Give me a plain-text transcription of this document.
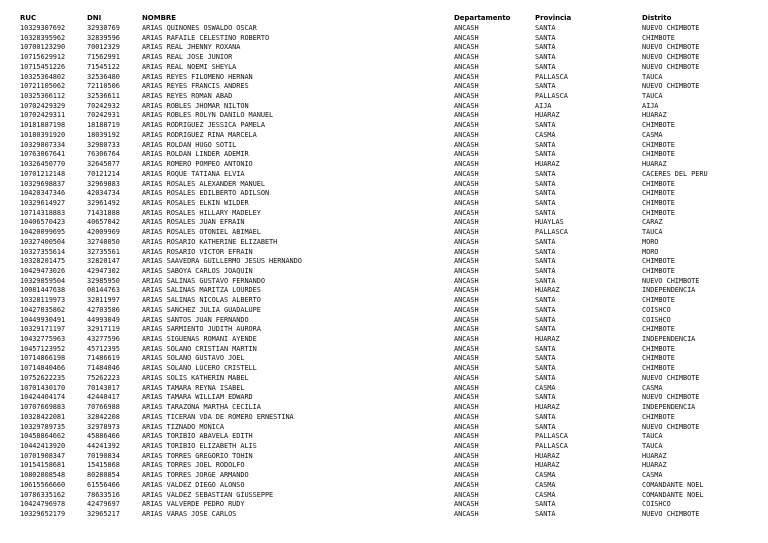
RUC	DNI	NOMBRE	Departamento	Provincia	Distrito
10329307692	32930769	ARIAS QUIÑONES OSWALDO OSCAR	ANCASH	SANTA	NUEVO CHIMBOTE
10328395962	32839596	ARIAS RAFAILE CELESTINO ROBERTO	ANCASH	SANTA	CHIMBOTE
10700123290	70012329	ARIAS REAL JHENNY ROXANA	ANCASH	SANTA	NUEVO CHIMBOTE
10715629912	71562991	ARIAS REAL JOSE JUNIOR	ANCASH	SANTA	NUEVO CHIMBOTE
10715451226	71545122	ARIAS REAL NOEMI SHEYLA	ANCASH	SANTA	NUEVO CHIMBOTE
10325364802	32536480	ARIAS REYES FILOMENO HERNAN	ANCASH	PALLASCA	TAUCA
10721105062	72110506	ARIAS REYES FRANCIS ANDRES	ANCASH	SANTA	NUEVO CHIMBOTE
10325366112	32536611	ARIAS REYES ROMAN ABAD	ANCASH	PALLASCA	TAUCA
10702429329	70242932	ARIAS ROBLES JHOMAR NILTON	ANCASH	AIJA	AIJA
10702429311	70242931	ARIAS ROBLES ROLYN DANILO MANUEL	ANCASH	HUARAZ	HUARAZ
10181887198	18188719	ARIAS RODRIGUEZ JESSICA PAMELA	ANCASH	SANTA	CHIMBOTE
10180391920	18039192	ARIAS RODRIGUEZ RINA MARCELA	ANCASH	CASMA	CASMA
10329807334	32980733	ARIAS ROLDAN HUGO SOTIL	ANCASH	SANTA	CHIMBOTE
10763067641	76306764	ARIAS ROLDAN LINDER ADEMIR	ANCASH	SANTA	CHIMBOTE
10326450770	32645077	ARIAS ROMERO POMPEO ANTONIO	ANCASH	HUARAZ	HUARAZ
10701212148	70121214	ARIAS ROQUE TATIANA ELVIA	ANCASH	SANTA	CACERES DEL PERU
10329698837	32969883	ARIAS ROSALES ALEXANDER MANUEL	ANCASH	SANTA	CHIMBOTE
10420347346	42034734	ARIAS ROSALES EDILBERTO ADILSON	ANCASH	SANTA	CHIMBOTE
10329614927	32961492	ARIAS ROSALES ELKIN WILDER	ANCASH	SANTA	CHIMBOTE
10714318883	71431888	ARIAS ROSALES HILLARY MADELEY	ANCASH	SANTA	CHIMBOTE
10406570423	40657042	ARIAS ROSALES JUAN EFRAIN	ANCASH	HUAYLAS	CARAZ
10420099695	42009969	ARIAS ROSALES OTONIEL ABIMAEL	ANCASH	PALLASCA	TAUCA
10327400504	32740050	ARIAS ROSARIO KATHERINE ELIZABETH	ANCASH	SANTA	MORO
10327355614	32735561	ARIAS ROSARIO VICTOR EFRAIN	ANCASH	SANTA	MORO
10328201475	32820147	ARIAS SAAVEDRA GUILLERMO JESUS HERNANDO	ANCASH	SANTA	CHIMBOTE
10429473026	42947302	ARIAS SABOYA CARLOS JOAQUIN	ANCASH	SANTA	CHIMBOTE
10329859504	32985950	ARIAS SALINAS GUSTAVO FERNANDO	ANCASH	SANTA	NUEVO CHIMBOTE
10081447638	08144763	ARIAS SALINAS MARITZA LOURDES	ANCASH	HUARAZ	INDEPENDENCIA
10328119973	32811997	ARIAS SALINAS NICOLAS ALBERTO	ANCASH	SANTA	CHIMBOTE
10427035862	42703586	ARIAS SANCHEZ JULIA GUADALUPE	ANCASH	SANTA	COISHCO
10449930491	44993049	ARIAS SANTOS JUAN FERNANDO	ANCASH	SANTA	COISHCO
10329171197	32917119	ARIAS SARMIENTO JUDITH AURORA	ANCASH	SANTA	CHIMBOTE
10432775963	43277596	ARIAS SIGUEÑAS ROMANI AYENDE	ANCASH	HUARAZ	INDEPENDENCIA
10457123952	45712395	ARIAS SOLANO CRISTIAN MARTIN	ANCASH	SANTA	CHIMBOTE
10714866198	71486619	ARIAS SOLANO GUSTAVO JOEL	ANCASH	SANTA	CHIMBOTE
10714840466	71484046	ARIAS SOLANO LUCERO CRISTELL	ANCASH	SANTA	CHIMBOTE
10752622235	75262223	ARIAS SOLIS KATHERIN MABEL	ANCASH	SANTA	NUEVO CHIMBOTE
10701430170	70143017	ARIAS TAMARA REYNA ISABEL	ANCASH	CASMA	CASMA
10424404174	42440417	ARIAS TAMARA WILLIAM EDWARD	ANCASH	SANTA	NUEVO CHIMBOTE
10707669883	70766988	ARIAS TARAZONA MARTHA CECILIA	ANCASH	HUARAZ	INDEPENDENCIA
10328422081	32842208	ARIAS TICERAN VDA DE ROMERO ERNESTINA	ANCASH	SANTA	CHIMBOTE
10329789735	32978973	ARIAS TIZNADO MONICA	ANCASH	SANTA	NUEVO CHIMBOTE
10458864662	45886466	ARIAS TORIBIO ABAVELA EDITH	ANCASH	PALLASCA	TAUCA
10442413920	44241392	ARIAS TORIBIO ELIZABETH ALIS	ANCASH	PALLASCA	TAUCA
10701908347	70190834	ARIAS TORRES GREGORIO TOHIN	ANCASH	HUARAZ	HUARAZ
10154158681	15415868	ARIAS TORRES JOEL RODOLFO	ANCASH	HUARAZ	HUARAZ
10802808548	80280854	ARIAS TORRES JORGE ARMANDO	ANCASH	CASMA	CASMA
10615566660	61556466	ARIAS VALDEZ DIEGO ALONSO	ANCASH	CASMA	COMANDANTE NOEL
10786335162	78633516	ARIAS VALDEZ SEBASTIAN GIUSSEPPE	ANCASH	CASMA	COMANDANTE NOEL
10424796978	42479697	ARIAS VALVERDE PEDRO RUDY	ANCASH	SANTA	COISHCO
10329652179	32965217	ARIAS VARAS JOSE CARLOS	ANCASH	SANTA	NUEVO CHIMBOTE
